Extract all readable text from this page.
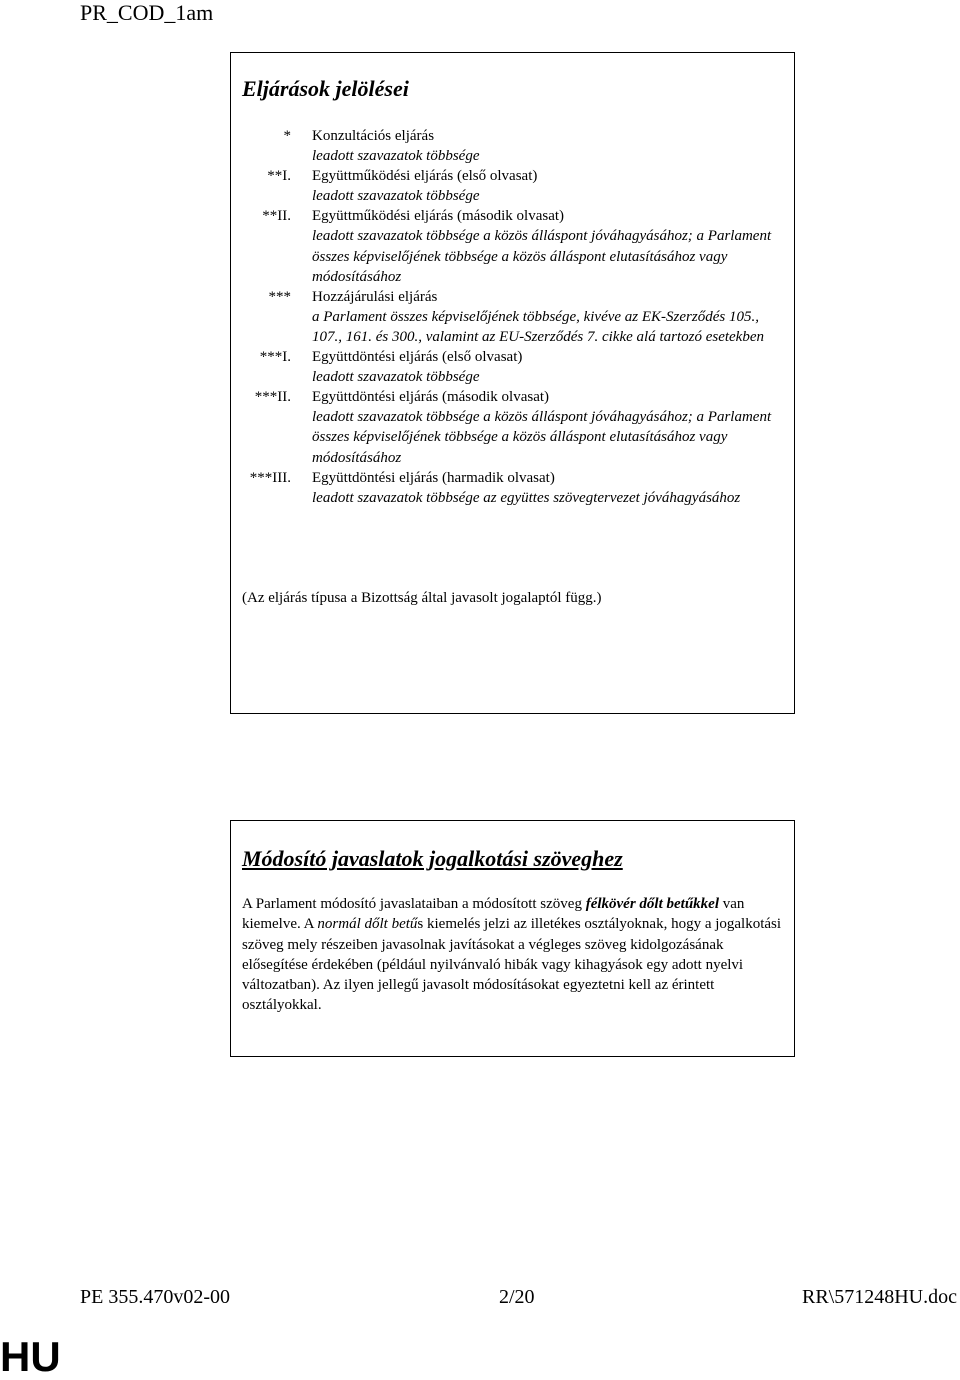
PR_COD_1am
Eljárások jelölései
* Konzultációs eljárás
leadott szavazatok többsége
**I. Együttműködési eljárás (első olvasat)
leadott szavazatok többsége
**II. Együttműködési eljárás (második olvasat)
leadott szavazatok többsége a közös álláspont jóváhagyásához; a Parlament összes képviselőjének többsége a közös álláspont elutasításához vagy módosításához
*** Hozzájárulási eljárás
a Parlament összes képviselőjének többsége, kivéve az EK-Szerződés 105., 107., 161. és 300., valamint az EU-Szerződés 7. cikke alá tartozó esetekben
***I. Együttdöntési eljárás (első olvasat)
leadott szavazatok többsége
***II. Együttdöntési eljárás (második olvasat)
leadott szavazatok többsége a közös álláspont jóváhagyásához; a Parlament összes képviselőjének többsége a közös álláspont elutasításához vagy módosításához
***III. Együttdöntési eljárás (harmadik olvasat)
leadott szavazatok többsége az együttes szövegtervezet jóváhagyásához

(Az eljárás típusa a Bizottság által javasolt jogalaptól függ.)

Módosító javaslatok jogalkotási szöveghez

A Parlament módosító javaslataiban a módosított szöveg félkövér dőlt betűkkel van kiemelve. A normál dőlt betűs kiemelés jelzi az illetékes osztályoknak, hogy a jogalkotási szöveg mely részeiben javasolnak javításokat a végleges szöveg kidolgozásának elősegítése érdekében (például nyilvánvaló hibák vagy kihagyások egy adott nyelvi változatban). Az ilyen jellegű javasolt módosításokat egyeztetni kell az érintett osztályokkal.

PE 355.470v02-00	2/20	RR\571248HU.doc
HU
